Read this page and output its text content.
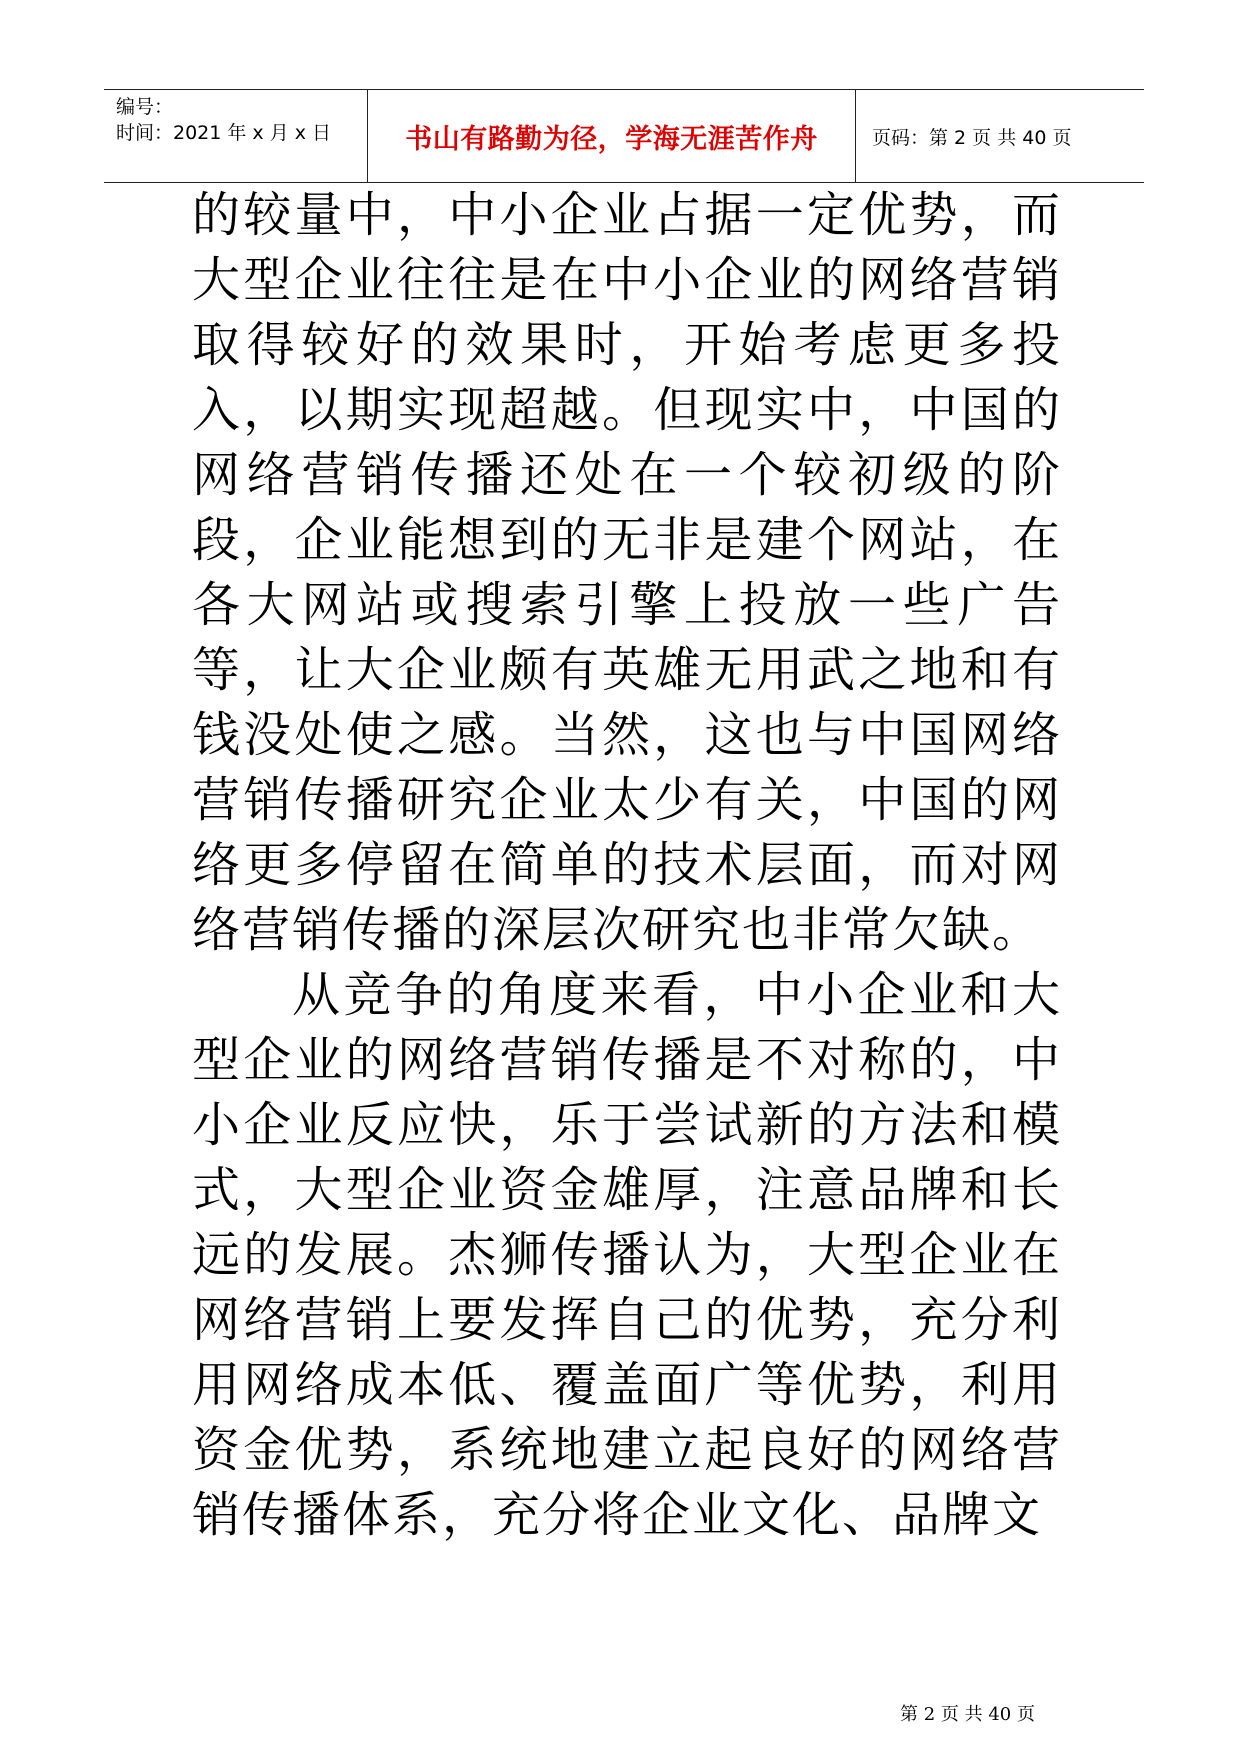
编号：
时间：2021 年 x 月 x 日	书山有路勤为径，学海无涯苦作舟	页码：第 2 页 共 40 页

的较量中，中小企业占据一定优势，而大型企业往往是在中小企业的网络营销取得较好的效果时，开始考虑更多投入，以期实现超越。但现实中，中国的网络营销传播还处在一个较初级的阶段，企业能想到的无非是建个网站，在各大网站或搜索引擎上投放一些广告等，让大企业颇有英雄无用武之地和有钱没处使之感。当然，这也与中国网络营销传播研究企业太少有关，中国的网络更多停留在简单的技术层面，而对网络营销传播的深层次研究也非常欠缺。

从竞争的角度来看，中小企业和大型企业的网络营销传播是不对称的，中小企业反应快，乐于尝试新的方法和模式，大型企业资金雄厚，注意品牌和长远的发展。杰狮传播认为，大型企业在网络营销上要发挥自己的优势，充分利用网络成本低、覆盖面广等优势，利用资金优势，系统地建立起良好的网络营销传播体系，充分将企业文化、品牌文

第 2 页 共 40 页
